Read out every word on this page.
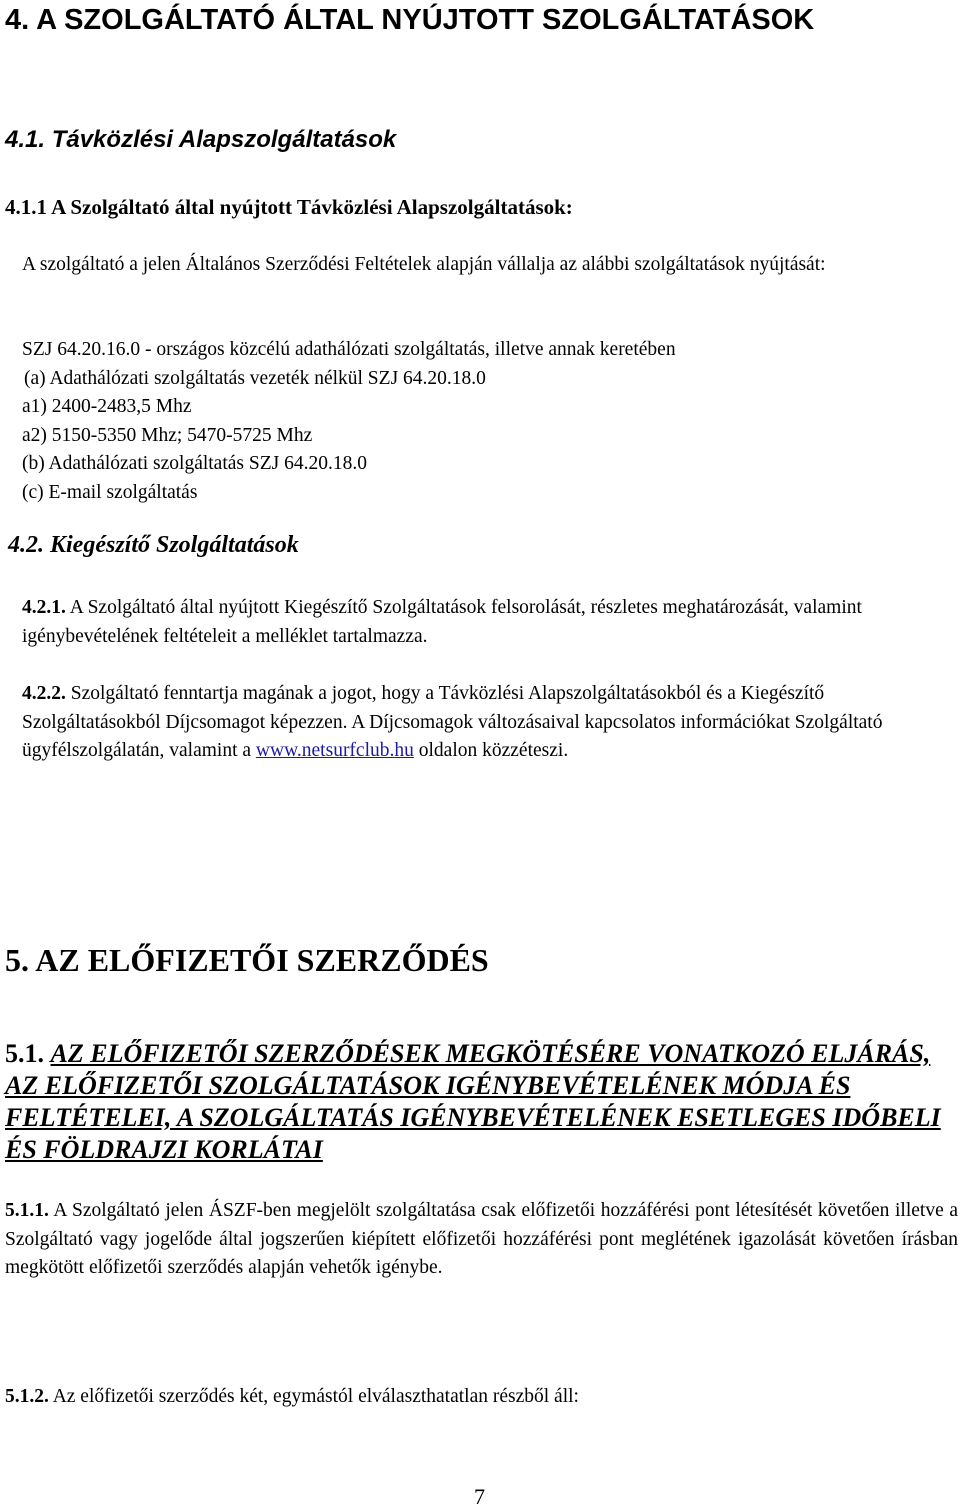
4. A SZOLGÁLTATÓ ÁLTAL NYÚJTOTT SZOLGÁLTATÁSOK
4.1. Távközlési Alapszolgáltatások
4.1.1 A Szolgáltató által nyújtott Távközlési Alapszolgáltatások:
A szolgáltató a jelen Általános Szerződési Feltételek alapján vállalja az alábbi szolgáltatások nyújtását:
SZJ 64.20.16.0 - országos közcélú adathálózati szolgáltatás, illetve annak keretében
(a) Adathálózati szolgáltatás vezeték nélkül SZJ 64.20.18.0
a1) 2400-2483,5 Mhz
a2) 5150-5350 Mhz; 5470-5725 Mhz
(b) Adathálózati szolgáltatás SZJ 64.20.18.0
(c) E-mail szolgáltatás
4.2. Kiegészítő Szolgáltatások
4.2.1. A Szolgáltató által nyújtott Kiegészítő Szolgáltatások felsorolását, részletes meghatározását, valamint igénybevételének feltételeit a melléklet tartalmazza.
4.2.2. Szolgáltató fenntartja magának a jogot, hogy a Távközlési Alapszolgáltatásokból és a Kiegészítő Szolgáltatásokból Díjcsomagot képezzen. A Díjcsomagok változásaival kapcsolatos információkat Szolgáltató ügyfélszolgálatán, valamint a www.netsurfclub.hu oldalon közzéteszi.
5. AZ ELŐFIZETŐI SZERZŐDÉS
5.1. AZ ELŐFIZETŐI SZERZŐDÉSEK MEGKÖTÉSÉRE VONATKOZÓ ELJÁRÁS, AZ ELŐFIZETŐI SZOLGÁLTATÁSOK IGÉNYBEVÉTELÉNEK MÓDJA ÉS FELTÉTELEI, A SZOLGÁLTATÁS IGÉNYBEVÉTELÉNEK ESETLEGES IDŐBELI ÉS FÖLDRAJZI KORLÁTAI
5.1.1. A Szolgáltató jelen ÁSZF-ben megjelölt szolgáltatása csak előfizetői hozzáférési pont létesítését követően illetve a Szolgáltató vagy jogelőde által jogszerűen kiépített előfizetői hozzáférési pont meglétének igazolását követően írásban megkötött előfizetői szerződés alapján vehetők igénybe.
5.1.2. Az előfizetői szerződés két, egymástól elválaszthatatlan részből áll:
7
